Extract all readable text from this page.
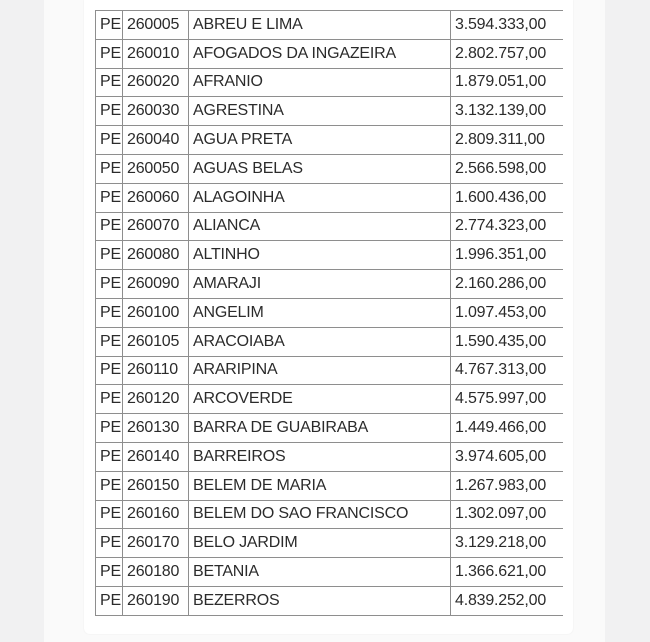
PE	260005	ABREU E LIMA	3.594.333,00
PE	260010	AFOGADOS DA INGAZEIRA	2.802.757,00
PE	260020	AFRANIO	1.879.051,00
PE	260030	AGRESTINA	3.132.139,00
PE	260040	AGUA PRETA	2.809.311,00
PE	260050	AGUAS BELAS	2.566.598,00
PE	260060	ALAGOINHA	1.600.436,00
PE	260070	ALIANCA	2.774.323,00
PE	260080	ALTINHO	1.996.351,00
PE	260090	AMARAJI	2.160.286,00
PE	260100	ANGELIM	1.097.453,00
PE	260105	ARACOIABA	1.590.435,00
PE	260110	ARARIPINA	4.767.313,00
PE	260120	ARCOVERDE	4.575.997,00
PE	260130	BARRA DE GUABIRABA	1.449.466,00
PE	260140	BARREIROS	3.974.605,00
PE	260150	BELEM DE MARIA	1.267.983,00
PE	260160	BELEM DO SAO FRANCISCO	1.302.097,00
PE	260170	BELO JARDIM	3.129.218,00
PE	260180	BETANIA	1.366.621,00
PE	260190	BEZERROS	4.839.252,00
